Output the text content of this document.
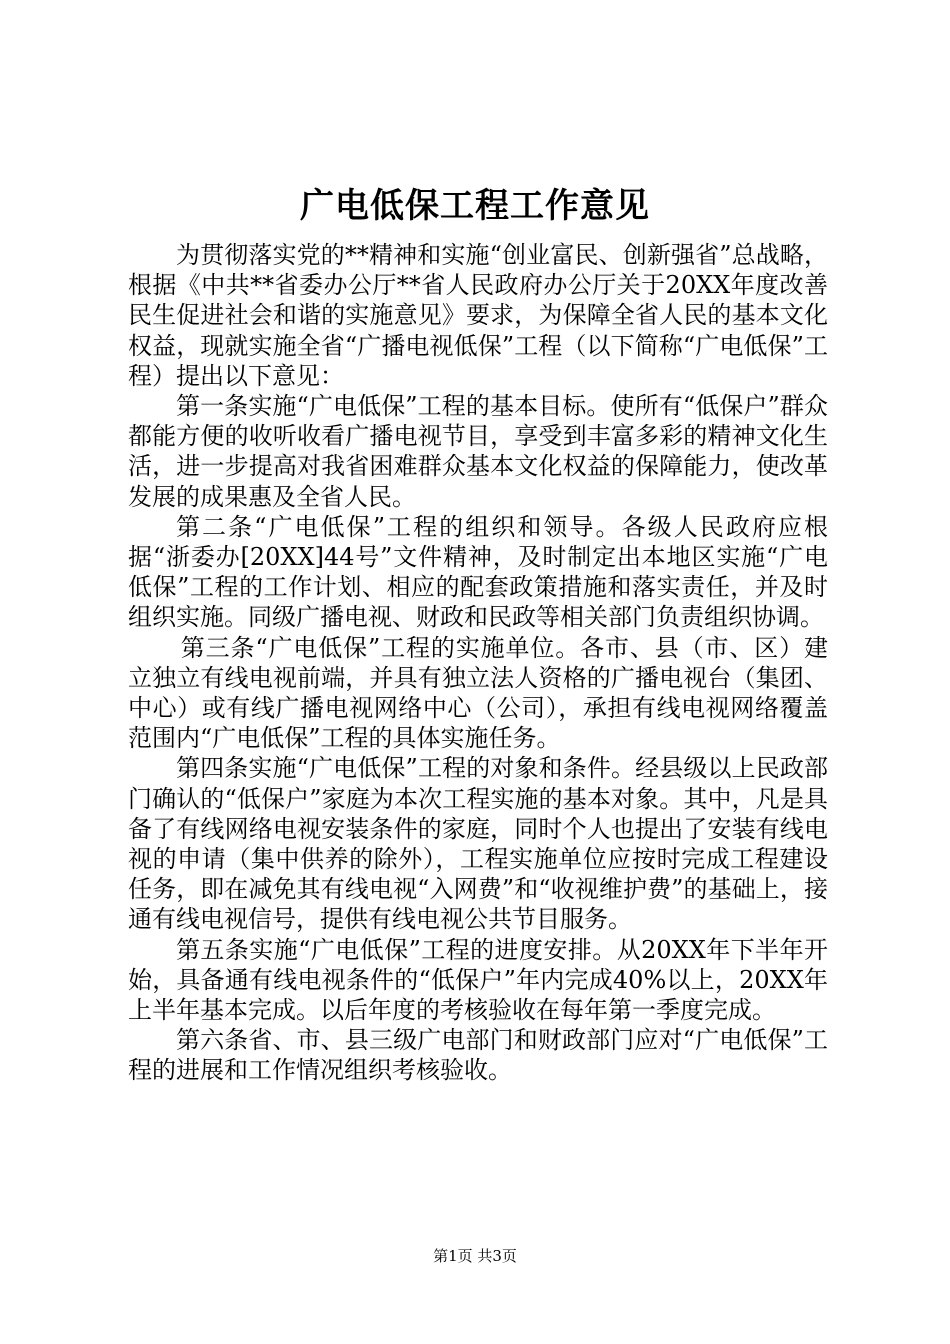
广电低保工程工作意见

为贯彻落实党的**精神和实施“创业富民、创新强省”总战略，根据《中共**省委办公厅**省人民政府办公厅关于20XX年度改善民生促进社会和谐的实施意见》要求，为保障全省人民的基本文化权益，现就实施全省“广播电视低保”工程（以下简称“广电低保”工程）提出以下意见：

第一条实施“广电低保”工程的基本目标。使所有“低保户”群众都能方便的收听收看广播电视节目，享受到丰富多彩的精神文化生活，进一步提高对我省困难群众基本文化权益的保障能力，使改革发展的成果惠及全省人民。

第二条“广电低保”工程的组织和领导。各级人民政府应根据“浙委办[20XX]44号”文件精神，及时制定出本地区实施“广电低保”工程的工作计划、相应的配套政策措施和落实责任，并及时组织实施。同级广播电视、财政和民政等相关部门负责组织协调。

第三条“广电低保”工程的实施单位。各市、县（市、区）建立独立有线电视前端，并具有独立法人资格的广播电视台（集团、中心）或有线广播电视网络中心（公司），承担有线电视网络覆盖范围内“广电低保”工程的具体实施任务。

第四条实施“广电低保”工程的对象和条件。经县级以上民政部门确认的“低保户”家庭为本次工程实施的基本对象。其中，凡是具备了有线网络电视安装条件的家庭，同时个人也提出了安装有线电视的申请（集中供养的除外），工程实施单位应按时完成工程建设任务，即在减免其有线电视“入网费”和“收视维护费”的基础上，接通有线电视信号，提供有线电视公共节目服务。

第五条实施“广电低保”工程的进度安排。从20XX年下半年开始，具备通有线电视条件的“低保户”年内完成40%以上，20XX年上半年基本完成。以后年度的考核验收在每年第一季度完成。

第六条省、市、县三级广电部门和财政部门应对“广电低保”工程的进展和工作情况组织考核验收。

第1页 共3页
